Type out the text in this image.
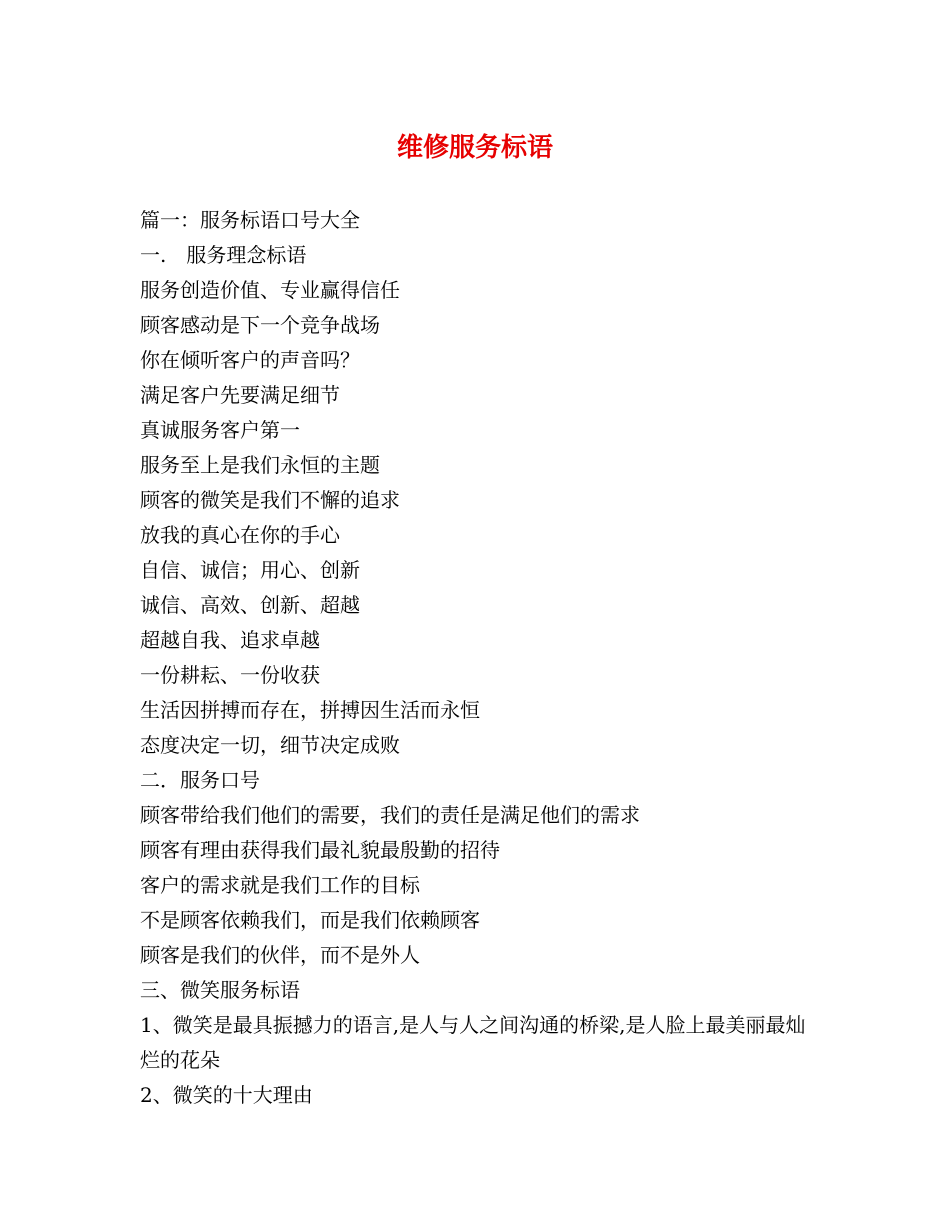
维修服务标语

篇一：服务标语口号大全

一.　服务理念标语

服务创造价值、专业赢得信任

顾客感动是下一个竞争战场

你在倾听客户的声音吗？

满足客户先要满足细节

真诚服务客户第一

服务至上是我们永恒的主题

顾客的微笑是我们不懈的追求

放我的真心在你的手心

自信、诚信；用心、创新

诚信、高效、创新、超越

超越自我、追求卓越

一份耕耘、一份收获

生活因拼搏而存在，拼搏因生活而永恒

态度决定一切，细节决定成败

二．服务口号

顾客带给我们他们的需要，我们的责任是满足他们的需求

顾客有理由获得我们最礼貌最殷勤的招待

客户的需求就是我们工作的目标

不是顾客依赖我们，而是我们依赖顾客

顾客是我们的伙伴，而不是外人

三、微笑服务标语

1、微笑是最具振撼力的语言,是人与人之间沟通的桥梁,是人脸上最美丽最灿烂的花朵

2、微笑的十大理由
